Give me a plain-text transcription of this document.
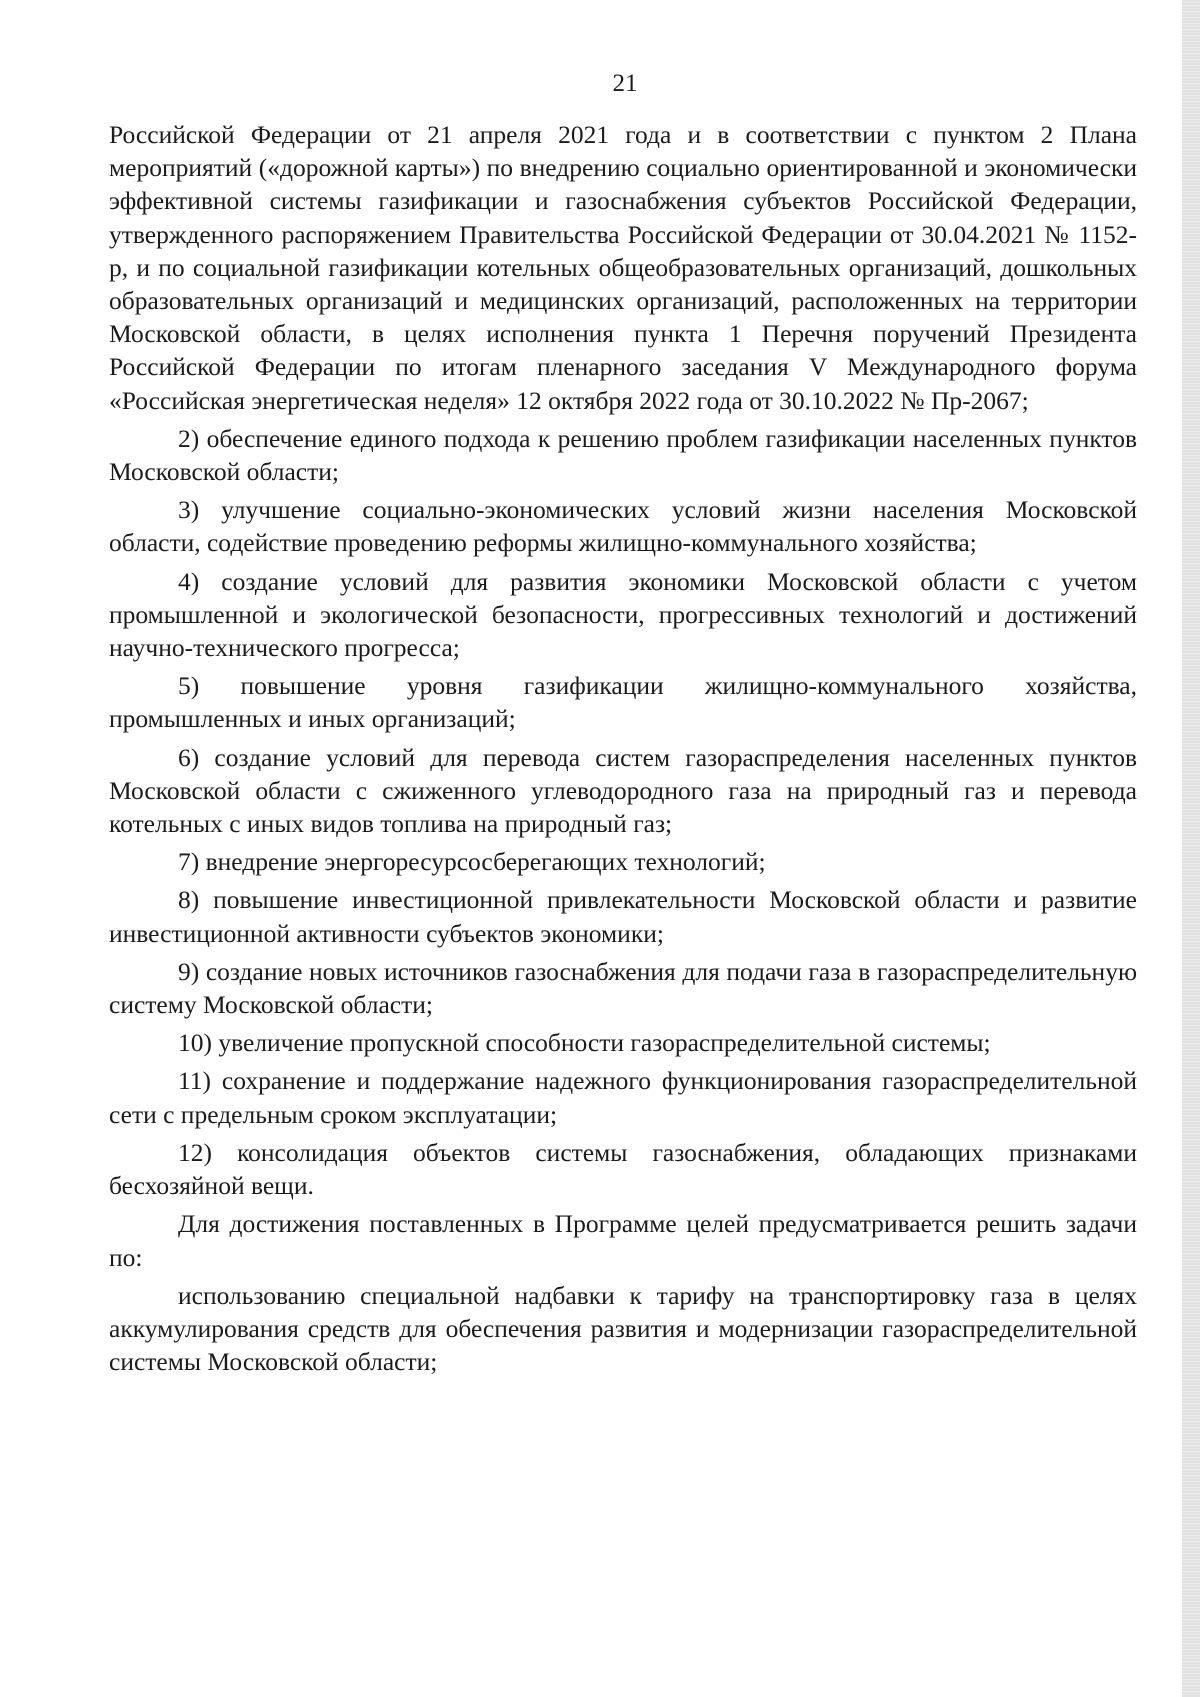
21

Российской Федерации от 21 апреля 2021 года и в соответствии с пунктом 2 Плана мероприятий («дорожной карты») по внедрению социально ориентированной и экономически эффективной системы газификации и газоснабжения субъектов Российской Федерации, утвержденного распоряжением Правительства Российской Федерации от 30.04.2021 № 1152-р, и по социальной газификации котельных общеобразовательных организаций, дошкольных образовательных организаций и медицинских организаций, расположенных на территории Московской области, в целях исполнения пункта 1 Перечня поручений Президента Российской Федерации по итогам пленарного заседания V Международного форума «Российская энергетическая неделя» 12 октября 2022 года от 30.10.2022 № Пр-2067;

2) обеспечение единого подхода к решению проблем газификации населенных пунктов Московской области;

3) улучшение социально-экономических условий жизни населения Московской области, содействие проведению реформы жилищно-коммунального хозяйства;

4) создание условий для развития экономики Московской области с учетом промышленной и экологической безопасности, прогрессивных технологий и достижений научно-технического прогресса;

5) повышение уровня газификации жилищно-коммунального хозяйства, промышленных и иных организаций;

6) создание условий для перевода систем газораспределения населенных пунктов Московской области с сжиженного углеводородного газа на природный газ и перевода котельных с иных видов топлива на природный газ;

7) внедрение энергоресурсосберегающих технологий;

8) повышение инвестиционной привлекательности Московской области и развитие инвестиционной активности субъектов экономики;

9) создание новых источников газоснабжения для подачи газа в газораспределительную систему Московской области;

10) увеличение пропускной способности газораспределительной системы;

11) сохранение и поддержание надежного функционирования газораспределительной сети с предельным сроком эксплуатации;

12) консолидация объектов системы газоснабжения, обладающих признаками бесхозяйной вещи.

Для достижения поставленных в Программе целей предусматривается решить задачи по:

использованию специальной надбавки к тарифу на транспортировку газа в целях аккумулирования средств для обеспечения развития и модернизации газораспределительной системы Московской области;
